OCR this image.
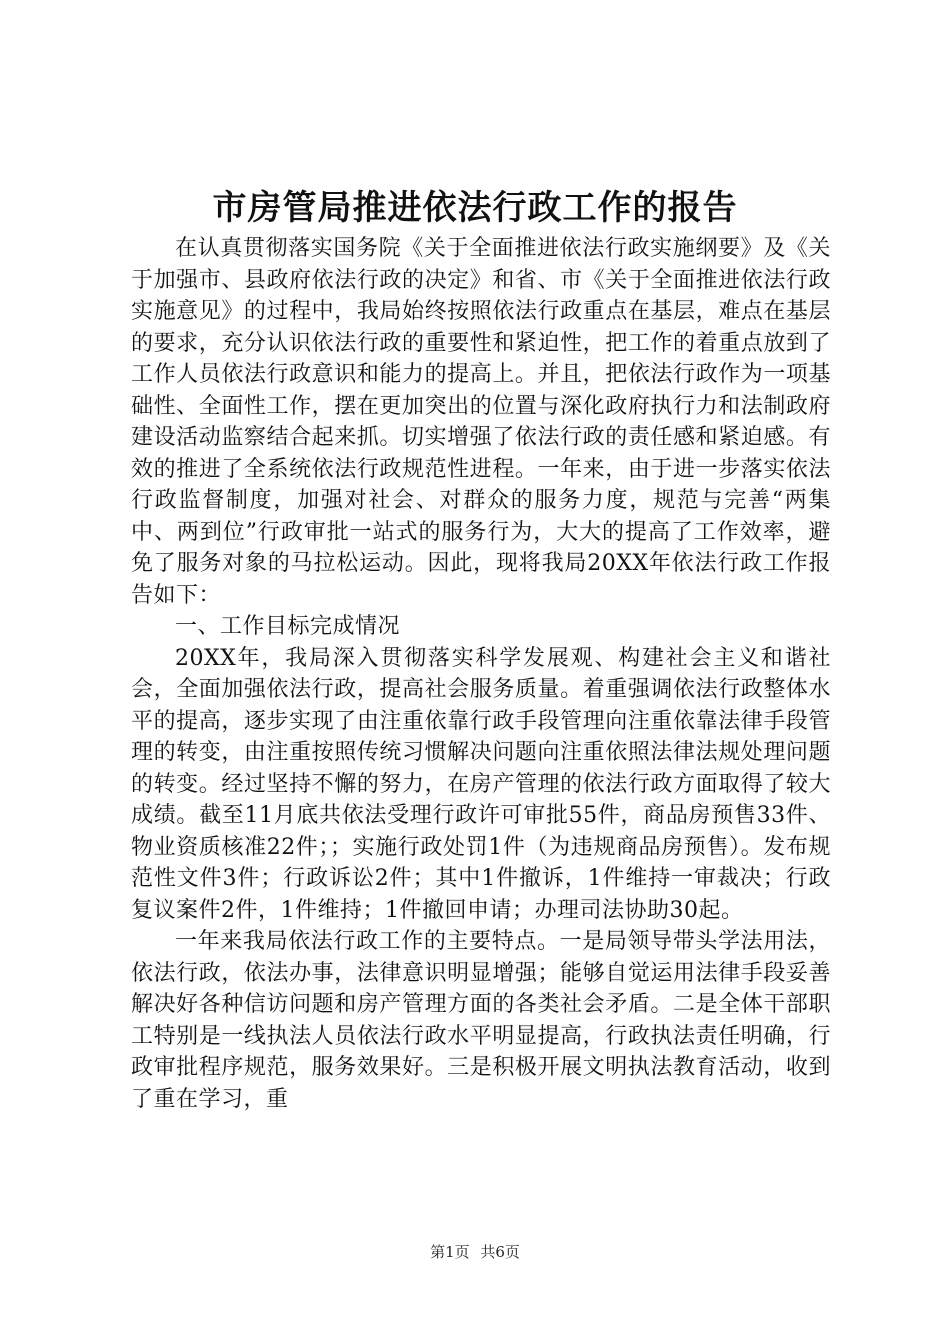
市房管局推进依法行政工作的报告

在认真贯彻落实国务院《关于全面推进依法行政实施纲要》及《关于加强市、县政府依法行政的决定》和省、市《关于全面推进依法行政实施意见》的过程中，我局始终按照依法行政重点在基层，难点在基层的要求，充分认识依法行政的重要性和紧迫性，把工作的着重点放到了工作人员依法行政意识和能力的提高上。并且，把依法行政作为一项基础性、全面性工作，摆在更加突出的位置与深化政府执行力和法制政府建设活动监察结合起来抓。切实增强了依法行政的责任感和紧迫感。有效的推进了全系统依法行政规范性进程。一年来，由于进一步落实依法行政监督制度，加强对社会、对群众的服务力度，规范与完善“两集中、两到位”行政审批一站式的服务行为，大大的提高了工作效率，避免了服务对象的马拉松运动。因此，现将我局20XX年依法行政工作报告如下：

一、工作目标完成情况

20XX年，我局深入贯彻落实科学发展观、构建社会主义和谐社会，全面加强依法行政，提高社会服务质量。着重强调依法行政整体水平的提高，逐步实现了由注重依靠行政手段管理向注重依靠法律手段管理的转变，由注重按照传统习惯解决问题向注重依照法律法规处理问题的转变。经过坚持不懈的努力，在房产管理的依法行政方面取得了较大成绩。截至11月底共依法受理行政许可审批55件，商品房预售33件、物业资质核准22件；；实施行政处罚1件（为违规商品房预售）。发布规范性文件3件；行政诉讼2件；其中1件撤诉，1件维持一审裁决；行政复议案件2件，1件维持；1件撤回申请；办理司法协助30起。

一年来我局依法行政工作的主要特点。一是局领导带头学法用法，依法行政，依法办事，法律意识明显增强；能够自觉运用法律手段妥善解决好各种信访问题和房产管理方面的各类社会矛盾。二是全体干部职工特别是一线执法人员依法行政水平明显提高，行政执法责任明确，行政审批程序规范，服务效果好。三是积极开展文明执法教育活动，收到了重在学习，重

第1页 共6页
